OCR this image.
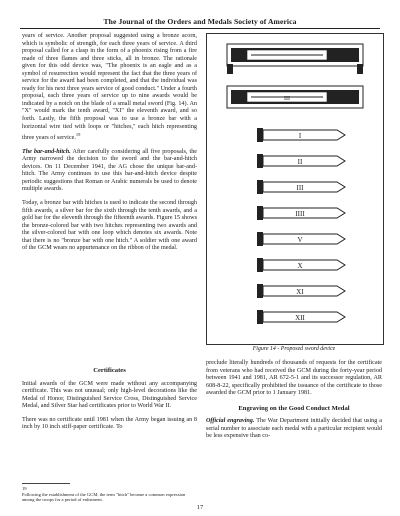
The Journal of the Orders and Medals Society of America

years of service. Another proposal suggested using a bronze acorn, which is symbolic of strength, for each three years of service. A third proposal called for a clasp in the form of a phoenix rising from a fire made of three flames and three sticks, all in bronze. The rationale given for this odd device was, "The phoenix is an eagle and as a symbol of resurrection would represent the fact that the three years of service for the award had been completed, and that the individual was ready for his next three years service of good conduct." Under a fourth proposal, each three years of service up to nine awards would be indicated by a notch on the blade of a small metal sword (Fig. 14). An "X" would mark the tenth award, "XI" the eleventh award, and so forth. Lastly, the fifth proposal was to use a bronze bar with a horizontal wire tied with loops or "hitches," each hitch representing three years of service.$^{19}$

The bar-and-hitch. After carefully considering all five proposals, the Army narrowed the decision to the sword and the bar-and-hitch devices. On 11 December 1941, the AG chose the unique bar-and-hitch. The Army continues to use this bar-and-hitch device despite periodic suggestions that Roman or Arabic numerals be used to denote multiple awards.

Today, a bronze bar with hitches is used to indicate the second through fifth awards, a silver bar for the sixth through the tenth awards, and a gold bar for the eleventh through the fifteenth awards. Figure 15 shows the bronze-colored bar with two hitches representing two awards and the silver-colored bar with one loop which denotes six awards. Note that there is no "bronze bar with one hitch." A soldier with one award of the GCM wears no appurtenance on the ribbon of the medal.

III
I
II
III
IIII
V
X
XI
XII
Figure 14 - Proposed sword device
Certificates

Initial awards of the GCM were made without any accompanying certificate. This was not unusual; only high-level decorations like the Medal of Honor, Distinguished Service Cross, Distinguished Service Medal, and Silver Star had certificates prior to World War II.

There was no certificate until 1981 when the Army began issuing an 8 inch by 10 inch stiff-paper certificate. To

preclude literally hundreds of thousands of requests for the certificate from veterans who had received the GCM during the forty-year period between 1941 and 1981, AR 672-5-1 and its successor regulation, AR 608-8-22, specifically prohibited the issuance of the certificate to those awarded the GCM prior to 1 January 1981.

Engraving on the Good Conduct Medal

Official engraving. The War Department initially decided that using a serial number to associate each medal with a particular recipient would be less expensive than co-

19
Following the establishment of the GCM, the term "hitch" became a common expression among the troops for a period of enlistment.
17
